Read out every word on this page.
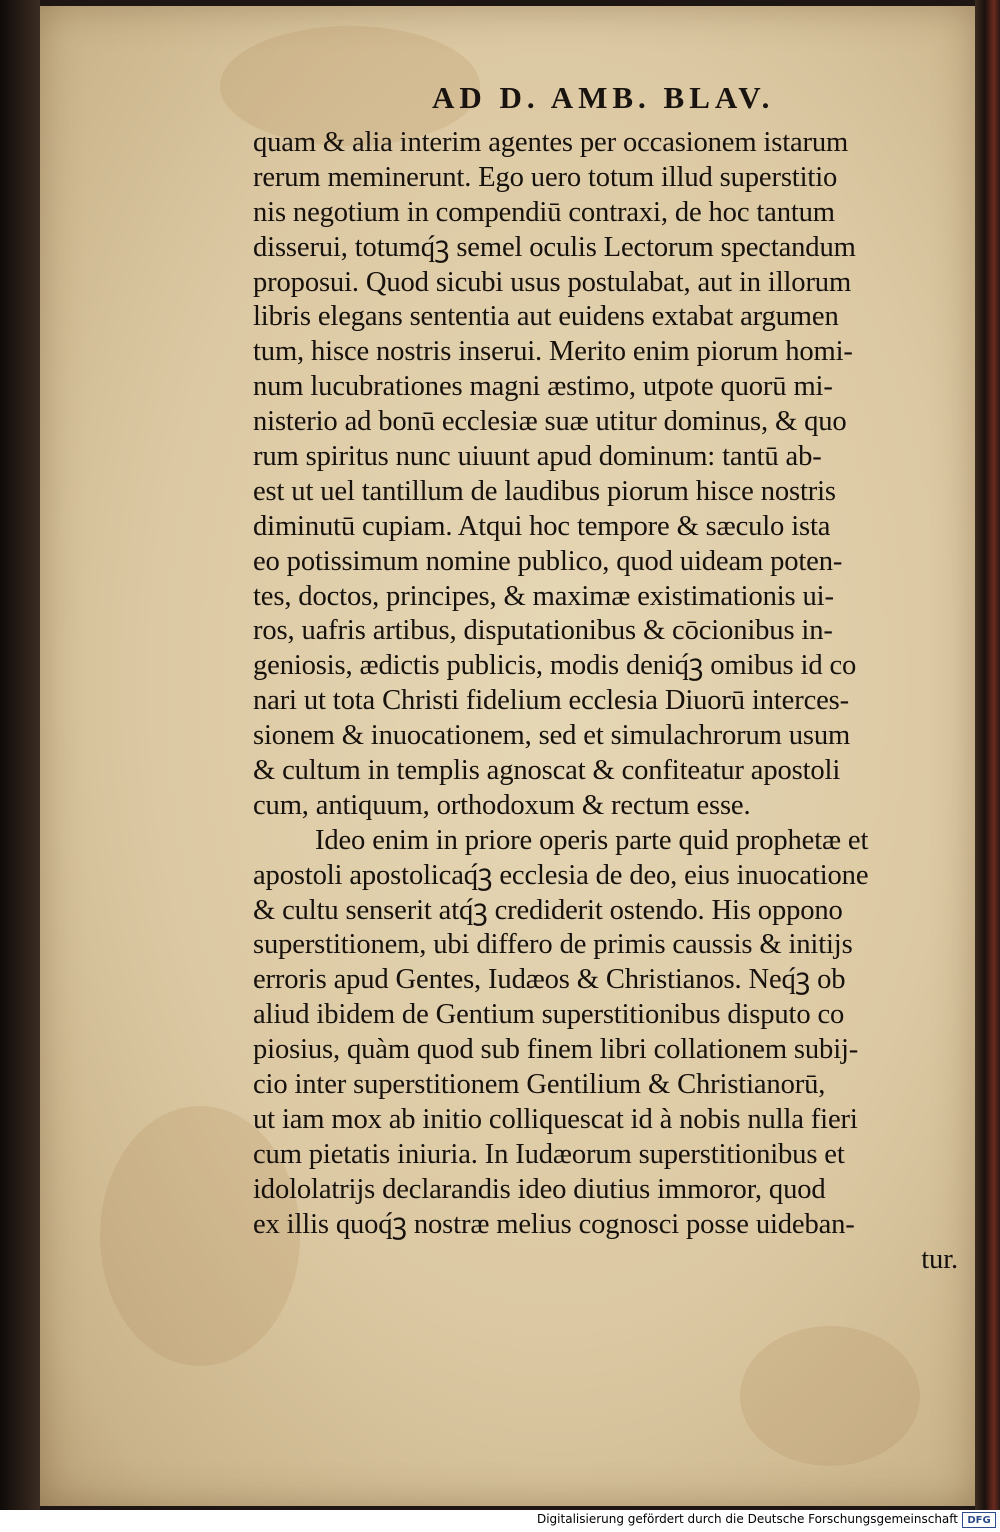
AD D. AMB. BLAV.
quam & alia interim agentes per occasionem istarum
rerum meminerunt. Ego uero totum illud superstitio
nis negotium in compendiū contraxi, de hoc tantum
disserui, totumq́ꝫ semel oculis Lectorum spectandum
proposui. Quod sicubi usus postulabat, aut in illorum
libris elegans sententia aut euidens extabat argumen
tum, hisce nostris inserui. Merito enim piorum homi-
num lucubrationes magni æstimo, utpote quorū mi-
nisterio ad bonū ecclesiæ suæ utitur dominus, & quo
rum spiritus nunc uiuunt apud dominum: tantū ab-
est ut uel tantillum de laudibus piorum hisce nostris
diminutū cupiam. Atqui hoc tempore & sæculo ista
eo potissimum nomine publico, quod uideam poten-
tes, doctos, principes, & maximæ existimationis ui-
ros, uafris artibus, disputationibus & cōcionibus in-
geniosis, ædictis publicis, modis deniq́ꝫ omibus id co
nari ut tota Christi fidelium ecclesia Diuorū interces-
sionem & inuocationem, sed et simulachrorum usum
& cultum in templis agnoscat & confiteatur apostoli
cum, antiquum, orthodoxum & rectum esse.
Ideo enim in priore operis parte quid prophetæ et
apostoli apostolicaq́ꝫ ecclesia de deo, eius inuocatione
& cultu senserit atq́ꝫ crediderit ostendo. His oppono
superstitionem, ubi differo de primis caussis & initijs
erroris apud Gentes, Iudæos & Christianos. Neq́ꝫ ob
aliud ibidem de Gentium superstitionibus disputo co
piosius, quàm quod sub finem libri collationem subij-
cio inter superstitionem Gentilium & Christianorū,
ut iam mox ab initio colliquescat id à nobis nulla fieri
cum pietatis iniuria. In Iudæorum superstitionibus et
idololatrijs declarandis ideo diutius immoror, quod
ex illis quoq́ꝫ nostræ melius cognosci posse uideban-
tur.
Digitalisierung gefördert durch die Deutsche Forschungsgemeinschaft DFG
